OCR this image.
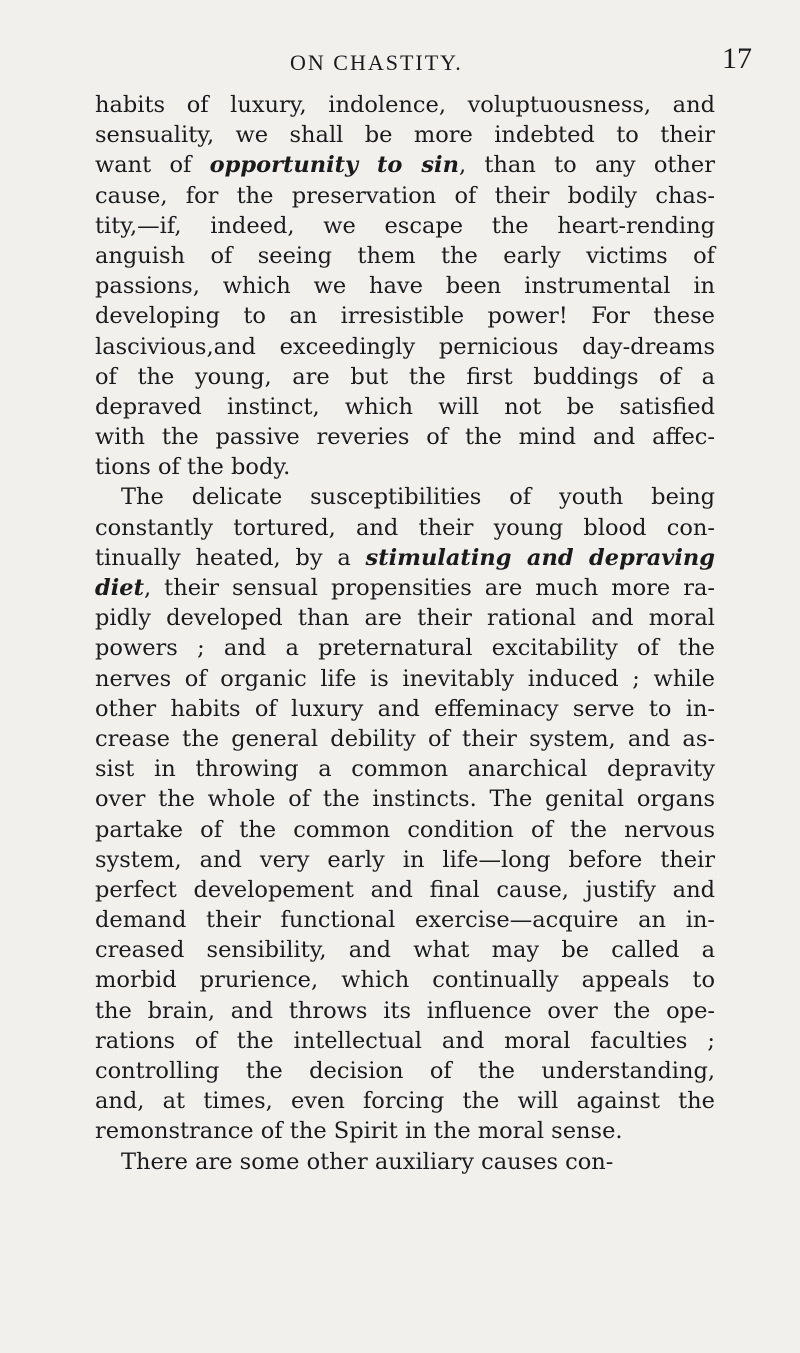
ON CHASTITY.	17
habits of luxury, indolence, voluptuousness, and
sensuality, we shall be more indebted to their
want of opportunity to sin, than to any other
cause, for the preservation of their bodily chas-
tity,—if, indeed, we escape the heart-rending
anguish of seeing them the early victims of
passions, which we have been instrumental in
developing to an irresistible power! For these
lascivious,and exceedingly pernicious day-dreams
of the young, are but the first buddings of a
depraved instinct, which will not be satisfied
with the passive reveries of the mind and affec-
tions of the body.
The delicate susceptibilities of youth being
constantly tortured, and their young blood con-
tinually heated, by a stimulating and depraving
diet, their sensual propensities are much more ra-
pidly developed than are their rational and moral
powers ; and a preternatural excitability of the
nerves of organic life is inevitably induced ; while
other habits of luxury and effeminacy serve to in-
crease the general debility of their system, and as-
sist in throwing a common anarchical depravity
over the whole of the instincts. The genital organs
partake of the common condition of the nervous
system, and very early in life—long before their
perfect developement and final cause, justify and
demand their functional exercise—acquire an in-
creased sensibility, and what may be called a
morbid prurience, which continually appeals to
the brain, and throws its influence over the ope-
rations of the intellectual and moral faculties ;
controlling the decision of the understanding,
and, at times, even forcing the will against the
remonstrance of the Spirit in the moral sense.
There are some other auxiliary causes con-
